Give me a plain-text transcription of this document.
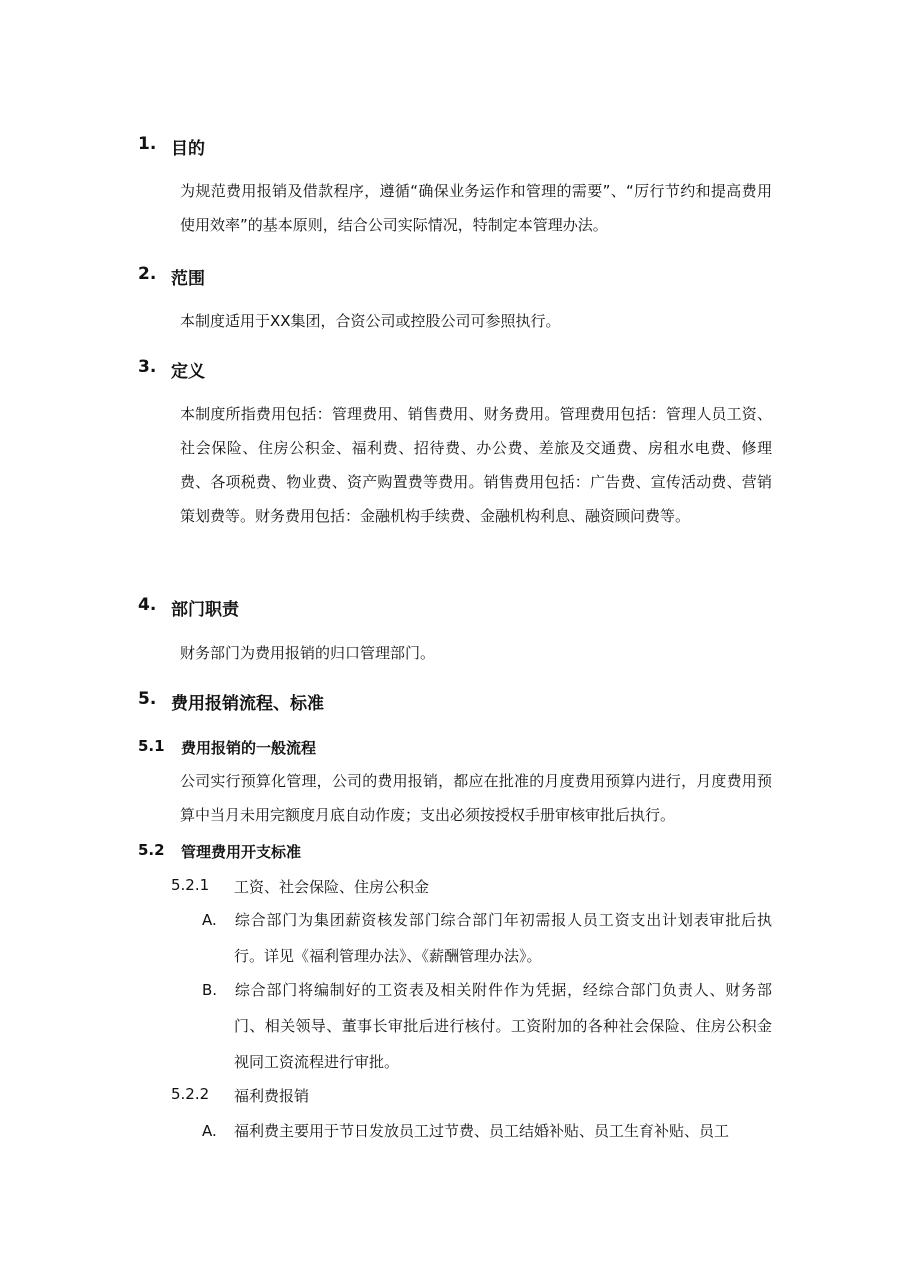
1. 目的
为规范费用报销及借款程序，遵循“确保业务运作和管理的需要”、“厉行节约和提高费用使用效率”的基本原则，结合公司实际情况，特制定本管理办法。
2. 范围
本制度适用于XX集团，合资公司或控股公司可参照执行。
3. 定义
本制度所指费用包括：管理费用、销售费用、财务费用。管理费用包括：管理人员工资、社会保险、住房公积金、福利费、招待费、办公费、差旅及交通费、房租水电费、修理费、各项税费、物业费、资产购置费等费用。销售费用包括：广告费、宣传活动费、营销策划费等。财务费用包括：金融机构手续费、金融机构利息、融资顾问费等。
4. 部门职责
财务部门为费用报销的归口管理部门。
5. 费用报销流程、标准
5.1 费用报销的一般流程
公司实行预算化管理，公司的费用报销，都应在批准的月度费用预算内进行，月度费用预算中当月未用完额度月底自动作废；支出必须按授权手册审核审批后执行。
5.2 管理费用开支标准
5.2.1 工资、社会保险、住房公积金
A. 综合部门为集团薪资核发部门综合部门年初需报人员工资支出计划表审批后执行。详见《福利管理办法》、《薪酬管理办法》。
B. 综合部门将编制好的工资表及相关附件作为凭据，经综合部门负责人、财务部门、相关领导、董事长审批后进行核付。工资附加的各种社会保险、住房公积金视同工资流程进行审批。
5.2.2 福利费报销
A. 福利费主要用于节日发放员工过节费、员工结婚补贴、员工生育补贴、员工
